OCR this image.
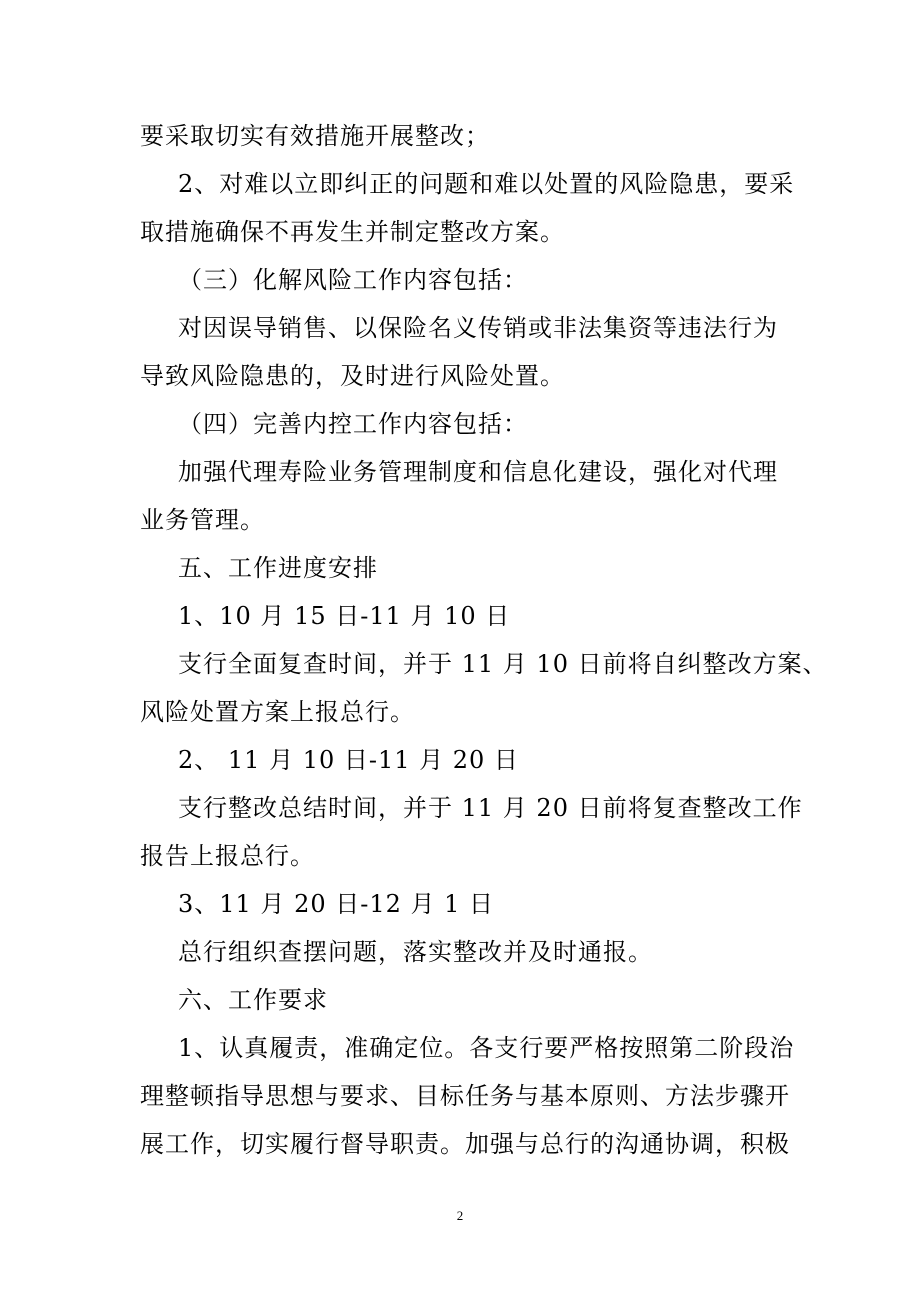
要采取切实有效措施开展整改；
2、对难以立即纠正的问题和难以处置的风险隐患，要采
取措施确保不再发生并制定整改方案。
（三）化解风险工作内容包括：
对因误导销售、以保险名义传销或非法集资等违法行为
导致风险隐患的，及时进行风险处置。
（四）完善内控工作内容包括：
加强代理寿险业务管理制度和信息化建设，强化对代理
业务管理。
五、工作进度安排
1、10 月 15 日-11 月 10 日
支行全面复查时间，并于 11 月 10 日前将自纠整改方案、
风险处置方案上报总行。
2、 11 月 10 日-11 月 20 日
支行整改总结时间，并于 11 月 20 日前将复查整改工作
报告上报总行。
3、11 月 20 日-12 月 1 日
总行组织查摆问题，落实整改并及时通报。
六、工作要求
1、认真履责，准确定位。各支行要严格按照第二阶段治
理整顿指导思想与要求、目标任务与基本原则、方法步骤开
展工作，切实履行督导职责。加强与总行的沟通协调，积极
2
